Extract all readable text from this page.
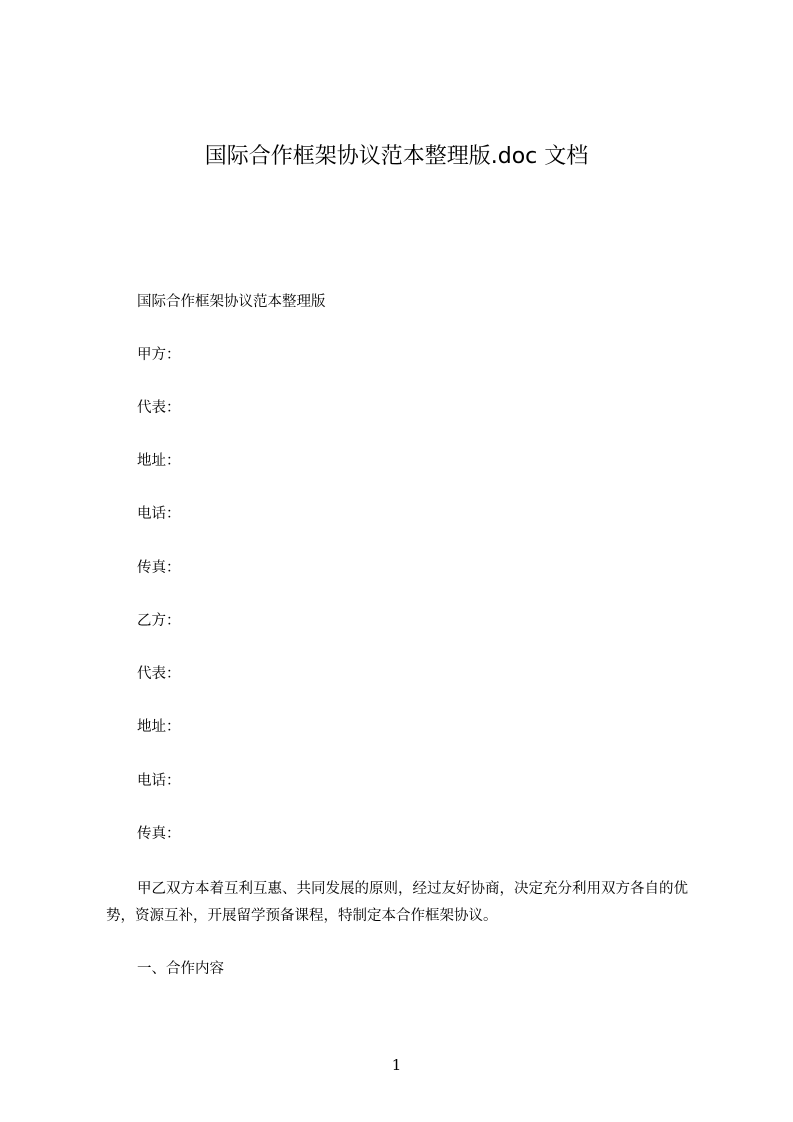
国际合作框架协议范本整理版.doc 文档
国际合作框架协议范本整理版
甲方：
代表：
地址：
电话：
传真：
乙方：
代表：
地址：
电话：
传真：
甲乙双方本着互利互惠、共同发展的原则，经过友好协商，决定充分利用双方各自的优势，资源互补，开展留学预备课程，特制定本合作框架协议。
一、合作内容
1
